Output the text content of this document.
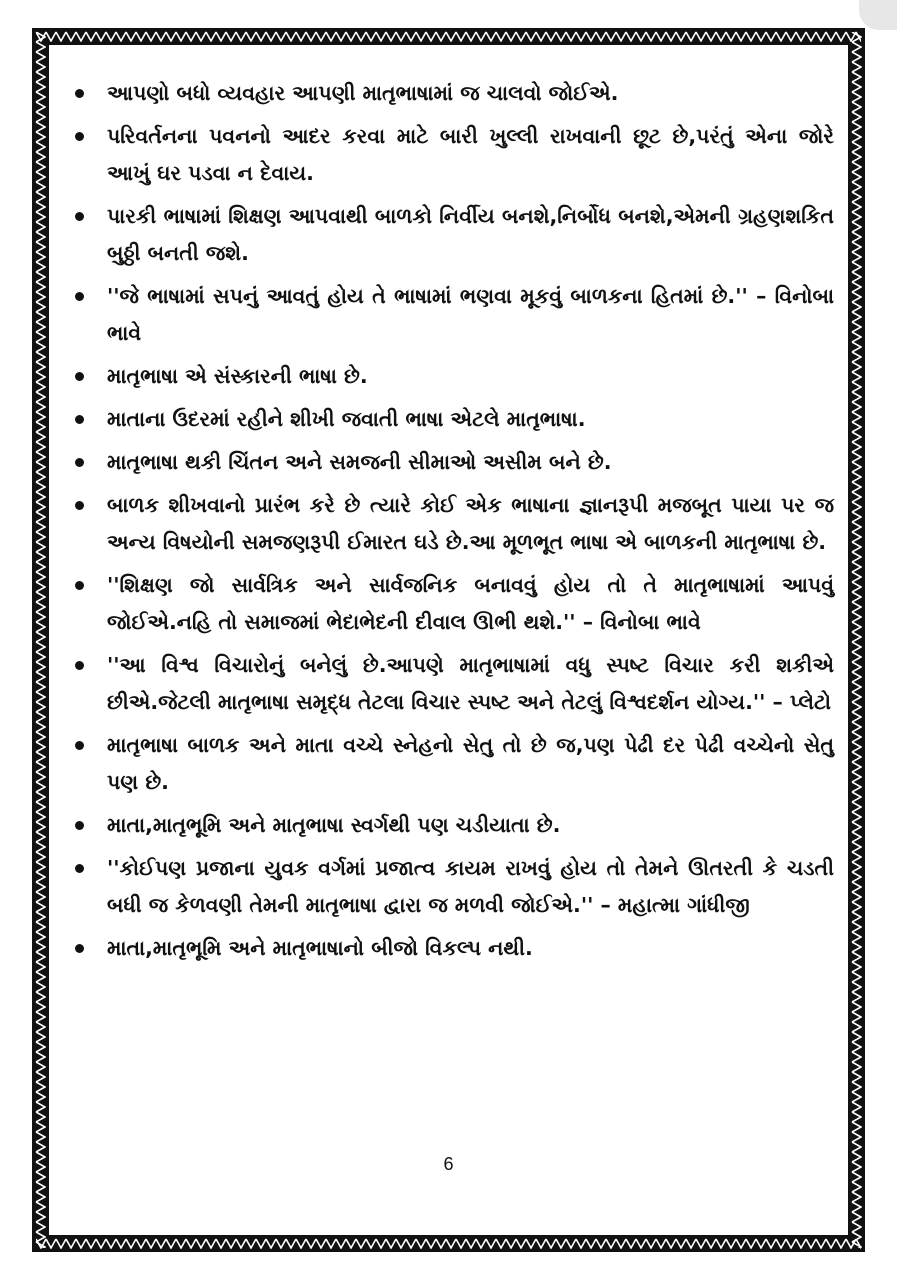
આપણો બધો વ્યવહાર આપણી માતૃભાષામાં જ ચાલવો જોઈએ.
પરિવર્તનના પવનનો આદર કરવા માટે બારી ખુલ્લી રાખવાની છૂટ છે,પરંતું એના જોરે આખું ઘર પડવા ન દેવાય.
પારકી ભાષામાં શિક્ષણ આપવાથી બાળકો નિર્વીય બનશે,નિર્બોધ બનશે,એમની ગ્રહણશકિત બુઠ્ઠી બનતી જશે.
''જે ભાષામાં સપનું આવતું હોય તે ભાષામાં ભણવા મૂકવું બાળકના હિતમાં છે.'' – વિનોબા ભાવે
માતૃભાષા એ સંસ્કારની ભાષા છે.
માતાના ઉદરમાં રહીને શીખી જવાતી ભાષા એટલે માતૃભાષા.
માતૃભાષા થકી ચિંતન અને સમજની સીમાઓ અસીમ બને છે.
બાળક શીખવાનો પ્રારંભ કરે છે ત્યારે કોઈ એક ભાષાના જ્ઞાનરૂપી મજબૂત પાયા પર જ અન્ય વિષયોની સમજણરૂપી ઈમારત ઘડે છે.આ મૂળભૂત ભાષા એ બાળકની માતૃભાષા છે.
''શિક્ષણ જો સાર્વત્રિક અને સાર્વજનિક બનાવવું હોય તો તે માતૃભાષામાં આપવું જોઈએ.નહિ તો સમાજમાં ભેદાભેદની દીવાલ ઊભી થશે.'' – વિનોબા ભાવે
''આ વિશ્વ વિચારોનું બનેલું છે.આપણે માતૃભાષામાં વધુ સ્પષ્ટ વિચાર કરી શકીએ છીએ.જેટલી માતૃભાષા સમૃદ્ધ તેટલા વિચાર સ્પષ્ટ અને તેટલું વિશ્વદર્શન યોગ્ય.'' – પ્લેટો
માતૃભાષા બાળક અને માતા વચ્ચે સ્નેહનો સેતુ તો છે જ,પણ પેઢી દર પેઢી વચ્ચેનો સેતુ પણ છે.
માતા,માતૃભૂમિ અને માતૃભાષા સ્વર્ગથી પણ ચડીયાતા છે.
''કોઈપણ પ્રજાના યુવક વર્ગમાં પ્રજાત્વ કાયમ રાખવું હોય તો તેમને ઊતરતી કે ચડતી બધી જ કેળવણી તેમની માતૃભાષા દ્વારા જ મળવી જોઈએ.'' – મહાત્મા ગાંધીજી
માતા,માતૃભૂમિ અને માતૃભાષાનો બીજો વિકલ્પ નથી.
6
